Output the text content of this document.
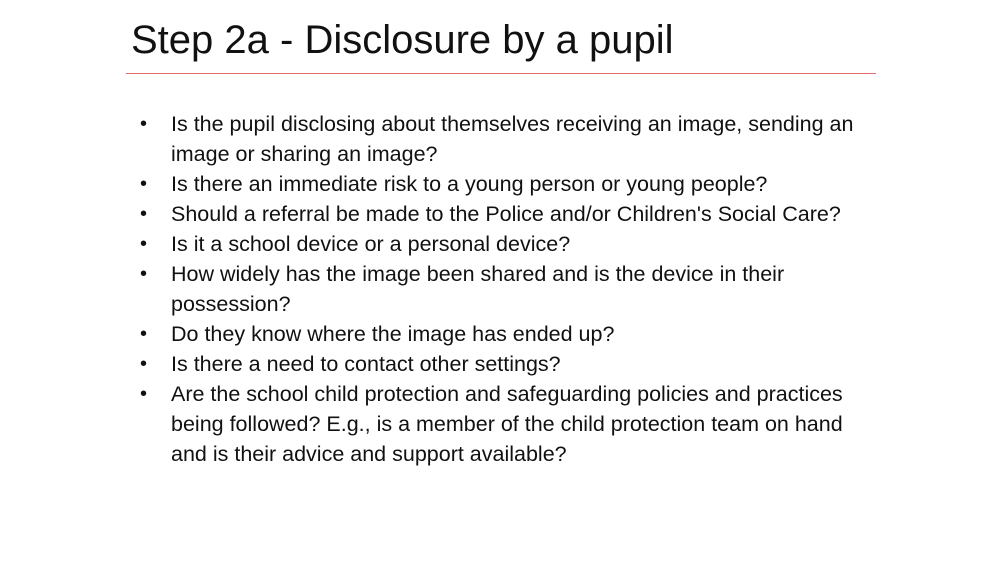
Step 2a - Disclosure by a pupil
• Is the pupil disclosing about themselves receiving an image, sending an image or sharing an image?
• Is there an immediate risk to a young person or young people?
• Should a referral be made to the Police and/or Children's Social Care?
• Is it a school device or a personal device?
• How widely has the image been shared and is the device in their possession?
• Do they know where the image has ended up?
• Is there a need to contact other settings?
• Are the school child protection and safeguarding policies and practices being followed? E.g., is a member of the child protection team on hand and is their advice and support available?
